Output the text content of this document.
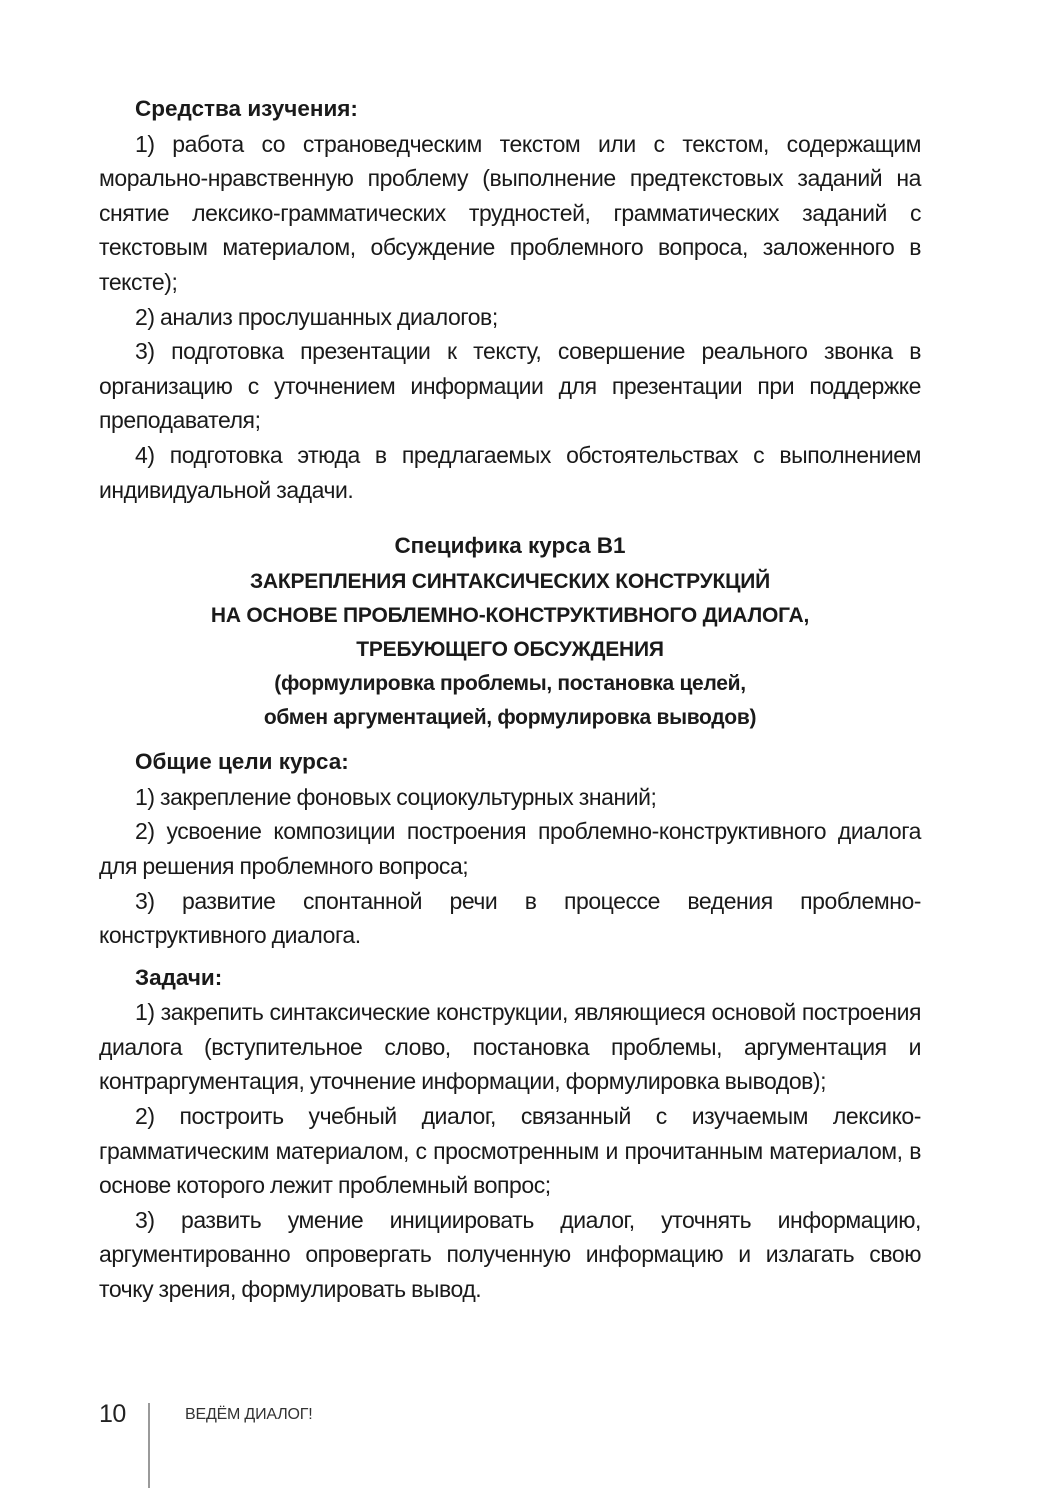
Средства изучения:

1) работа со страноведческим текстом или с текстом, содержащим морально-нравственную проблему (выполнение предтекстовых заданий на снятие лексико-грамматических трудностей, грамматических заданий с текстовым материалом, обсуждение проблемного вопроса, заложенного в тексте);

2) анализ прослушанных диалогов;

3) подготовка презентации к тексту, совершение реального звонка в организацию с уточнением информации для презентации при поддержке преподавателя;

4) подготовка этюда в предлагаемых обстоятельствах с выполнением индивидуальной задачи.

Специфика курса В1
ЗАКРЕПЛЕНИЯ СИНТАКСИЧЕСКИХ КОНСТРУКЦИЙ
НА ОСНОВЕ ПРОБЛЕМНО-КОНСТРУКТИВНОГО ДИАЛОГА,
ТРЕБУЮЩЕГО ОБСУЖДЕНИЯ
(формулировка проблемы, постановка целей,
обмен аргументацией, формулировка выводов)

Общие цели курса:

1) закрепление фоновых социокультурных знаний;

2) усвоение композиции построения проблемно-конструктивного диалога для решения проблемного вопроса;

3) развитие спонтанной речи в процессе ведения проблемно-конструктивного диалога.

Задачи:

1) закрепить синтаксические конструкции, являющиеся основой построения диалога (вступительное слово, постановка проблемы, аргументация и контраргументация, уточнение информации, формулировка выводов);

2) построить учебный диалог, связанный с изучаемым лексико-грамматическим материалом, с просмотренным и прочитанным материалом, в основе которого лежит проблемный вопрос;

3) развить умение инициировать диалог, уточнять информацию, аргументированно опровергать полученную информацию и излагать свою точку зрения, формулировать вывод.

10	ВЕДЁМ ДИАЛОГ!
